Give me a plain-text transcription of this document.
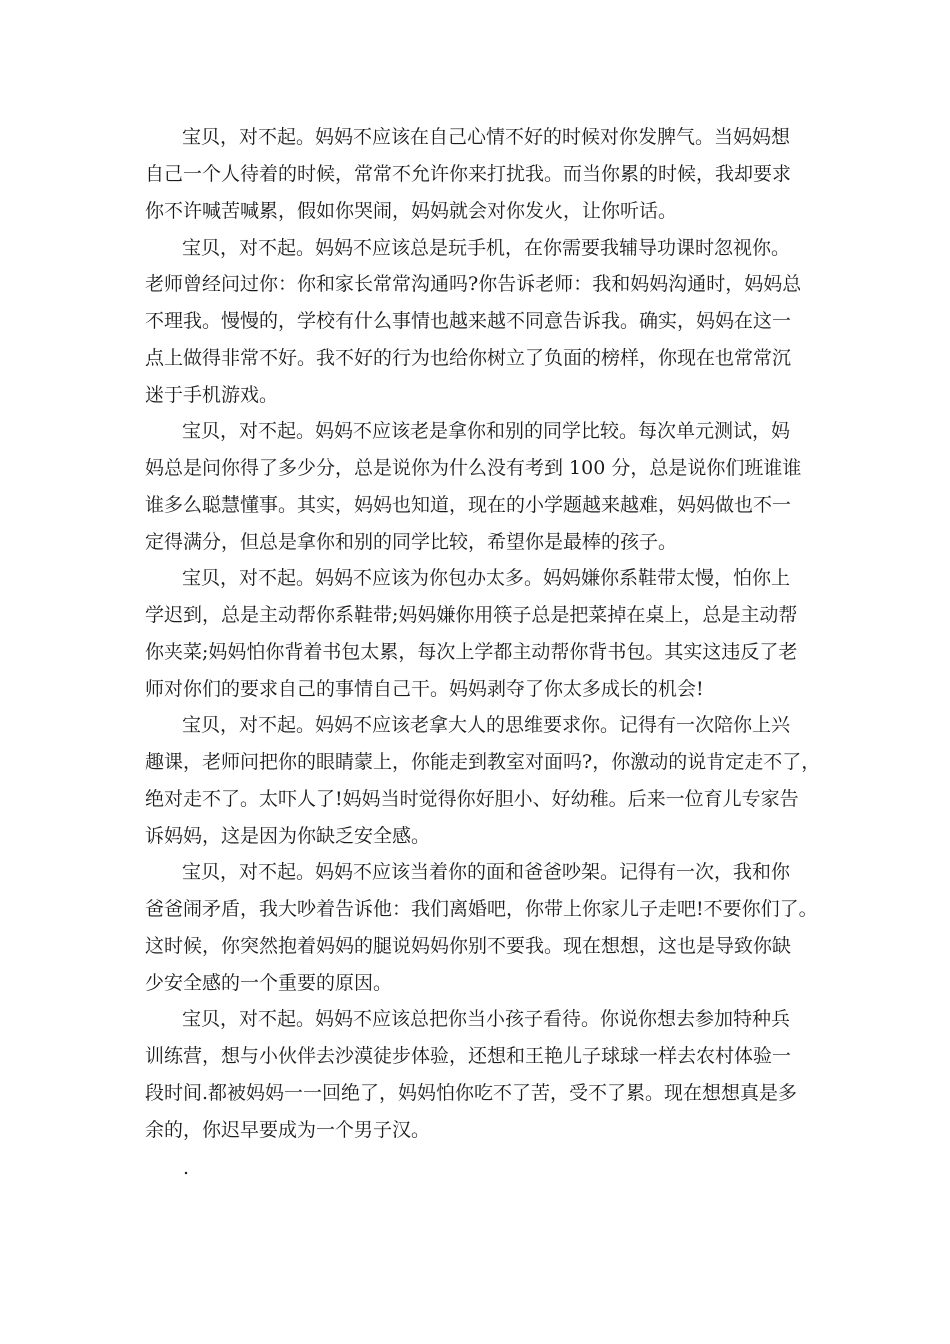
宝贝，对不起。妈妈不应该在自己心情不好的时候对你发脾气。当妈妈想
自己一个人待着的时候，常常不允许你来打扰我。而当你累的时候，我却要求
你不许喊苦喊累，假如你哭闹，妈妈就会对你发火，让你听话。
宝贝，对不起。妈妈不应该总是玩手机，在你需要我辅导功课时忽视你。
老师曾经问过你：你和家长常常沟通吗?你告诉老师：我和妈妈沟通时，妈妈总
不理我。慢慢的，学校有什么事情也越来越不同意告诉我。确实，妈妈在这一
点上做得非常不好。我不好的行为也给你树立了负面的榜样，你现在也常常沉
迷于手机游戏。
宝贝，对不起。妈妈不应该老是拿你和别的同学比较。每次单元测试，妈
妈总是问你得了多少分，总是说你为什么没有考到 100 分，总是说你们班谁谁
谁多么聪慧懂事。其实，妈妈也知道，现在的小学题越来越难，妈妈做也不一
定得满分，但总是拿你和别的同学比较，希望你是最棒的孩子。
宝贝，对不起。妈妈不应该为你包办太多。妈妈嫌你系鞋带太慢，怕你上
学迟到，总是主动帮你系鞋带;妈妈嫌你用筷子总是把菜掉在桌上，总是主动帮
你夹菜;妈妈怕你背着书包太累，每次上学都主动帮你背书包。其实这违反了老
师对你们的要求自己的事情自己干。妈妈剥夺了你太多成长的机会!
宝贝，对不起。妈妈不应该老拿大人的思维要求你。记得有一次陪你上兴
趣课，老师问把你的眼睛蒙上，你能走到教室对面吗?，你激动的说肯定走不了，
绝对走不了。太吓人了!妈妈当时觉得你好胆小、好幼稚。后来一位育儿专家告
诉妈妈，这是因为你缺乏安全感。
宝贝，对不起。妈妈不应该当着你的面和爸爸吵架。记得有一次，我和你
爸爸闹矛盾，我大吵着告诉他：我们离婚吧，你带上你家儿子走吧!不要你们了。
这时候，你突然抱着妈妈的腿说妈妈你别不要我。现在想想，这也是导致你缺
少安全感的一个重要的原因。
宝贝，对不起。妈妈不应该总把你当小孩子看待。你说你想去参加特种兵
训练营，想与小伙伴去沙漠徒步体验，还想和王艳儿子球球一样去农村体验一
段时间.都被妈妈一一回绝了，妈妈怕你吃不了苦，受不了累。现在想想真是多
余的，你迟早要成为一个男子汉。
.
